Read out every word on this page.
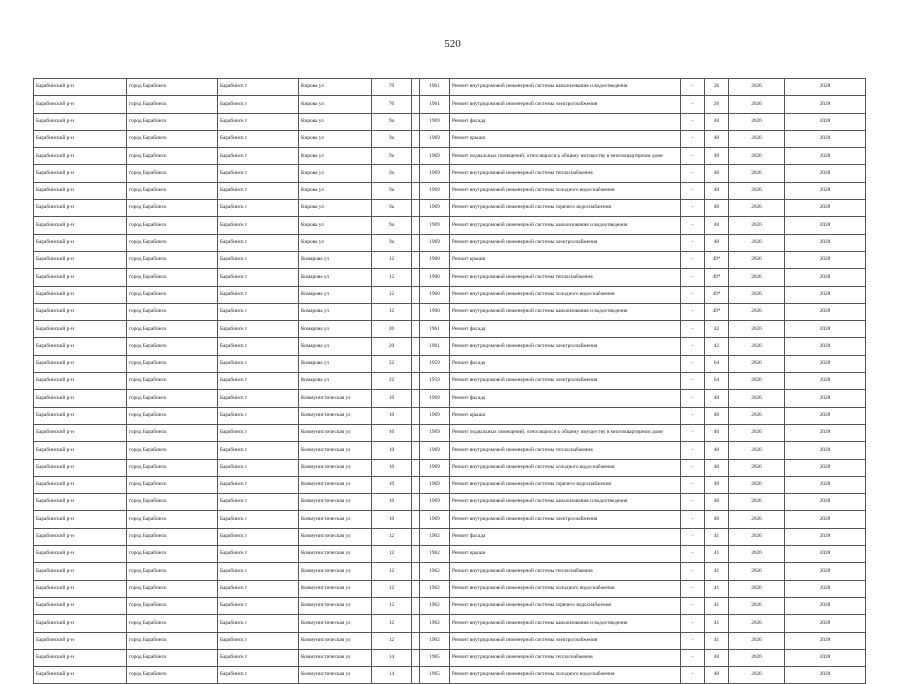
520
Барабинский р-н	город Барабинск	Барабинск г	Кирова ул	70		1961	Ремонт внутридомовой инженерной системы канализования и водоотведения	-	26	2026	2028
Барабинский р-н	город Барабинск	Барабинск г	Кирова ул	70		1961	Ремонт внутридомовой инженерной системы электроснабжения	-	26	2026	2028
Барабинский р-н	город Барабинск	Барабинск г	Кирова ул	9а		1969	Ремонт фасада	-	40	2026	2028
Барабинский р-н	город Барабинск	Барабинск г	Кирова ул	9а		1969	Ремонт крыши	-	40	2026	2028
Барабинский р-н	город Барабинск	Барабинск г	Кирова ул	9а		1969	Ремонт подвальных помещений, относящихся к общему имуществу в многоквартирном доме	-	40	2026	2028
Барабинский р-н	город Барабинск	Барабинск г	Кирова ул	9а		1969	Ремонт внутридомовой инженерной системы теплоснабжения	-	40	2026	2028
Барабинский р-н	город Барабинск	Барабинск г	Кирова ул	9а		1969	Ремонт внутридомовой инженерной системы холодного водоснабжения	-	40	2026	2028
Барабинский р-н	город Барабинск	Барабинск г	Кирова ул	9а		1969	Ремонт внутридомовой инженерной системы горячего водоснабжения	-	40	2026	2028
Барабинский р-н	город Барабинск	Барабинск г	Кирова ул	9а		1969	Ремонт внутридомовой инженерной системы канализования и водоотведения	-	40	2026	2028
Барабинский р-н	город Барабинск	Барабинск г	Кирова ул	9а		1969	Ремонт внутридомовой инженерной системы электроснабжения	-	40	2026	2028
Барабинский р-н	город Барабинск	Барабинск г	Комарова ул	12		1960	Ремонт крыши	-	49*	2026	2028
Барабинский р-н	город Барабинск	Барабинск г	Комарова ул	12		1960	Ремонт внутридомовой инженерной системы теплоснабжения	-	49*	2026	2028
Барабинский р-н	город Барабинск	Барабинск г	Комарова ул	12		1960	Ремонт внутридомовой инженерной системы холодного водоснабжения	-	49*	2026	2028
Барабинский р-н	город Барабинск	Барабинск г	Комарова ул	12		1960	Ремонт внутридомовой инженерной системы канализования и водоотведения	-	49*	2026	2028
Барабинский р-н	город Барабинск	Барабинск г	Комарова ул	20		1961	Ремонт фасада	-	42	2026	2028
Барабинский р-н	город Барабинск	Барабинск г	Комарова ул	20		1961	Ремонт внутридомовой инженерной системы электроснабжения	-	42	2026	2028
Барабинский р-н	город Барабинск	Барабинск г	Комарова ул	22		1959	Ремонт фасада	-	64	2026	2028
Барабинский р-н	город Барабинск	Барабинск г	Комарова ул	22		1959	Ремонт внутридомовой инженерной системы электроснабжения	-	64	2026	2028
Барабинский р-н	город Барабинск	Барабинск г	Коммунистическая ул	10		1969	Ремонт фасада	-	40	2026	2028
Барабинский р-н	город Барабинск	Барабинск г	Коммунистическая ул	10		1969	Ремонт крыши	-	40	2026	2028
Барабинский р-н	город Барабинск	Барабинск г	Коммунистическая ул	10		1969	Ремонт подвальных помещений, относящихся к общему имуществу в многоквартирном доме	-	40	2026	2028
Барабинский р-н	город Барабинск	Барабинск г	Коммунистическая ул	10		1969	Ремонт внутридомовой инженерной системы теплоснабжения	-	40	2026	2028
Барабинский р-н	город Барабинск	Барабинск г	Коммунистическая ул	10		1969	Ремонт внутридомовой инженерной системы холодного водоснабжения	-	40	2026	2028
Барабинский р-н	город Барабинск	Барабинск г	Коммунистическая ул	10		1969	Ремонт внутридомовой инженерной системы горячего водоснабжения	-	40	2026	2028
Барабинский р-н	город Барабинск	Барабинск г	Коммунистическая ул	10		1969	Ремонт внутридомовой инженерной системы канализования и водоотведения	-	40	2026	2028
Барабинский р-н	город Барабинск	Барабинск г	Коммунистическая ул	10		1969	Ремонт внутридомовой инженерной системы электроснабжения	-	40	2026	2028
Барабинский р-н	город Барабинск	Барабинск г	Коммунистическая ул	12		1962	Ремонт фасада	-	41	2026	2028
Барабинский р-н	город Барабинск	Барабинск г	Коммунистическая ул	12		1962	Ремонт крыши	-	41	2026	2028
Барабинский р-н	город Барабинск	Барабинск г	Коммунистическая ул	12		1962	Ремонт внутридомовой инженерной системы теплоснабжения	-	41	2026	2028
Барабинский р-н	город Барабинск	Барабинск г	Коммунистическая ул	12		1962	Ремонт внутридомовой инженерной системы холодного водоснабжения	-	41	2026	2028
Барабинский р-н	город Барабинск	Барабинск г	Коммунистическая ул	12		1962	Ремонт внутридомовой инженерной системы горячего водоснабжения	-	41	2026	2028
Барабинский р-н	город Барабинск	Барабинск г	Коммунистическая ул	12		1962	Ремонт внутридомовой инженерной системы канализования и водоотведения	-	41	2026	2028
Барабинский р-н	город Барабинск	Барабинск г	Коммунистическая ул	12		1962	Ремонт внутридомовой инженерной системы электроснабжения	-	41	2026	2028
Барабинский р-н	город Барабинск	Барабинск г	Коммунистическая ул	14		1965	Ремонт внутридомовой инженерной системы теплоснабжения	-	40	2026	2028
Барабинский р-н	город Барабинск	Барабинск г	Коммунистическая ул	14		1965	Ремонт внутридомовой инженерной системы холодного водоснабжения	-	40	2026	2028
